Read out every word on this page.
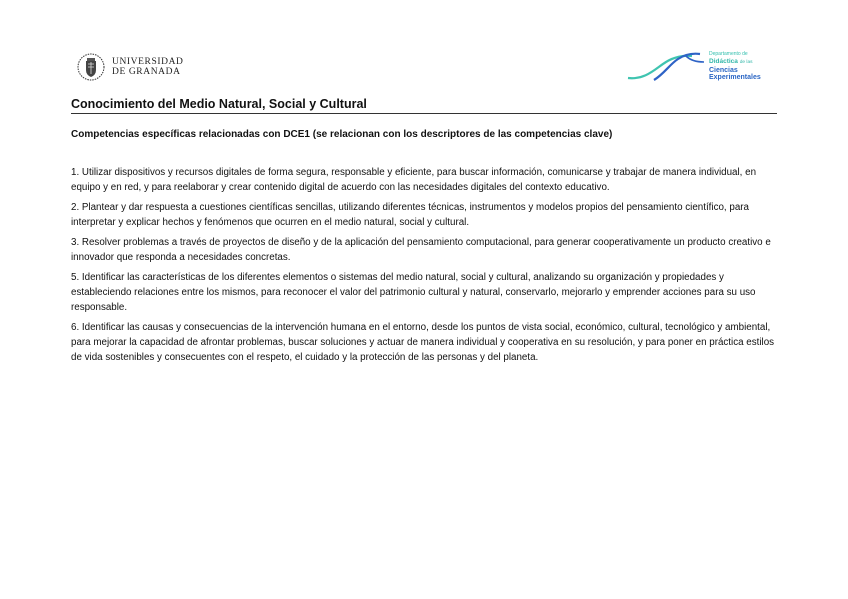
UNIVERSIDAD
DE GRANADA
Departamento de
Didáctica de las
Ciencias
Experimentales
Conocimiento del Medio Natural, Social y Cultural
Competencias específicas relacionadas con DCE1 (se relacionan con los descriptores de las competencias clave)

1. Utilizar dispositivos y recursos digitales de forma segura, responsable y eficiente, para buscar información, comunicarse y trabajar de manera individual, en equipo y en red, y para reelaborar y crear contenido digital de acuerdo con las necesidades digitales del contexto educativo.

2. Plantear y dar respuesta a cuestiones científicas sencillas, utilizando diferentes técnicas, instrumentos y modelos propios del pensamiento científico, para interpretar y explicar hechos y fenómenos que ocurren en el medio natural, social y cultural.

3. Resolver problemas a través de proyectos de diseño y de la aplicación del pensamiento computacional, para generar cooperativamente un producto creativo e innovador que responda a necesidades concretas.

5. Identificar las características de los diferentes elementos o sistemas del medio natural, social y cultural, analizando su organización y propiedades y estableciendo relaciones entre los mismos, para reconocer el valor del patrimonio cultural y natural, conservarlo, mejorarlo y emprender acciones para su uso responsable.

6. Identificar las causas y consecuencias de la intervención humana en el entorno, desde los puntos de vista social, económico, cultural, tecnológico y ambiental, para mejorar la capacidad de afrontar problemas, buscar soluciones y actuar de manera individual y cooperativa en su resolución, y para poner en práctica estilos de vida sostenibles y consecuentes con el respeto, el cuidado y la protección de las personas y del planeta.
